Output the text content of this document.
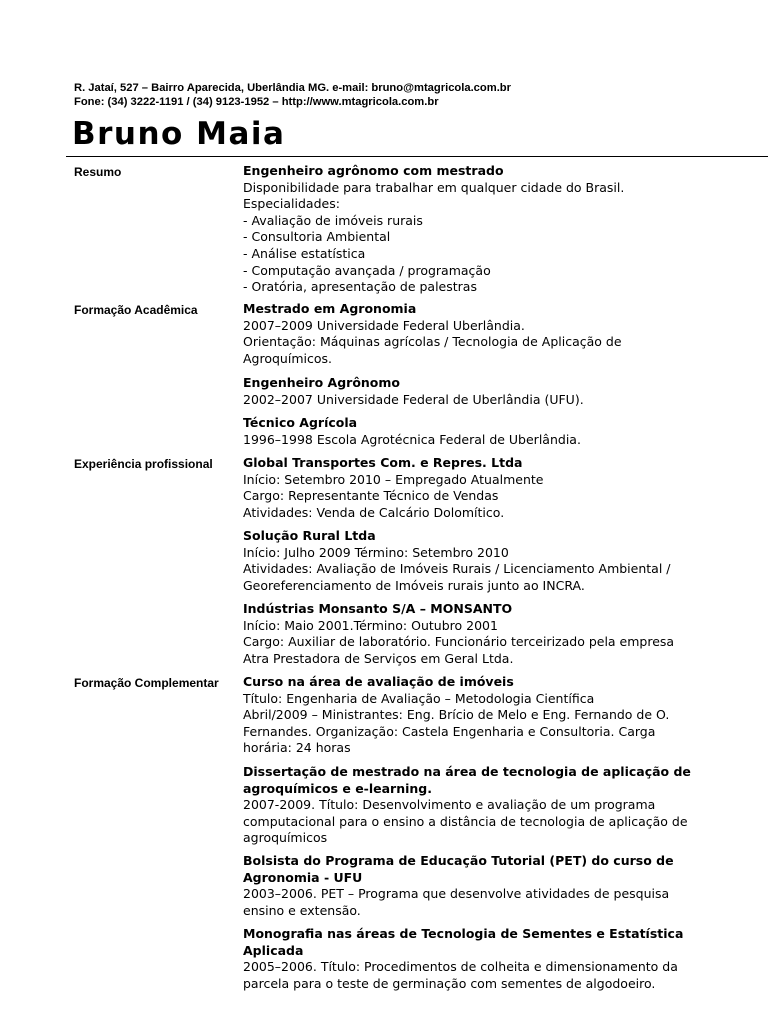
R. Jataí, 527 – Bairro Aparecida, Uberlândia MG. e-mail: bruno@mtagricola.com.br
Fone: (34) 3222-1191 / (34) 9123-1952 – http://www.mtagricola.com.br
Bruno Maia
Resumo	Engenheiro agrônomo com mestrado
Disponibilidade para trabalhar em qualquer cidade do Brasil.
Especialidades:
- Avaliação de imóveis rurais
- Consultoria Ambiental
- Análise estatística
- Computação avançada / programação
- Oratória, apresentação de palestras
Formação Acadêmica	Mestrado em Agronomia
2007–2009 Universidade Federal Uberlândia.
Orientação: Máquinas agrícolas / Tecnologia de Aplicação de
Agroquímicos.
Engenheiro Agrônomo
2002–2007 Universidade Federal de Uberlândia (UFU).
Técnico Agrícola
1996–1998 Escola Agrotécnica Federal de Uberlândia.
Experiência profissional Global Transportes Com. e Repres. Ltda
Início: Setembro 2010 – Empregado Atualmente
Cargo: Representante Técnico de Vendas
Atividades: Venda de Calcário Dolomítico.
Solução Rural Ltda
Início: Julho 2009 Término: Setembro 2010
Atividades: Avaliação de Imóveis Rurais / Licenciamento Ambiental /
Georeferenciamento de Imóveis rurais junto ao INCRA.
Indústrias Monsanto S/A – MONSANTO
Início: Maio 2001.Término: Outubro 2001
Cargo: Auxiliar de laboratório. Funcionário terceirizado pela empresa
Atra Prestadora de Serviços em Geral Ltda.
Formação Complementar Curso na área de avaliação de imóveis
Título: Engenharia de Avaliação – Metodologia Científica
Abril/2009 – Ministrantes: Eng. Brício de Melo e Eng. Fernando de O.
Fernandes. Organização: Castela Engenharia e Consultoria. Carga
horária: 24 horas
Dissertação de mestrado na área de tecnologia de aplicação de
agroquímicos e e-learning.
2007-2009. Título: Desenvolvimento e avaliação de um programa
computacional para o ensino a distância de tecnologia de aplicação de
agroquímicos
Bolsista do Programa de Educação Tutorial (PET) do curso de
Agronomia - UFU
2003–2006. PET – Programa que desenvolve atividades de pesquisa
ensino e extensão.
Monografia nas áreas de Tecnologia de Sementes e Estatística
Aplicada
2005–2006. Título: Procedimentos de colheita e dimensionamento da
parcela para o teste de germinação com sementes de algodoeiro.
